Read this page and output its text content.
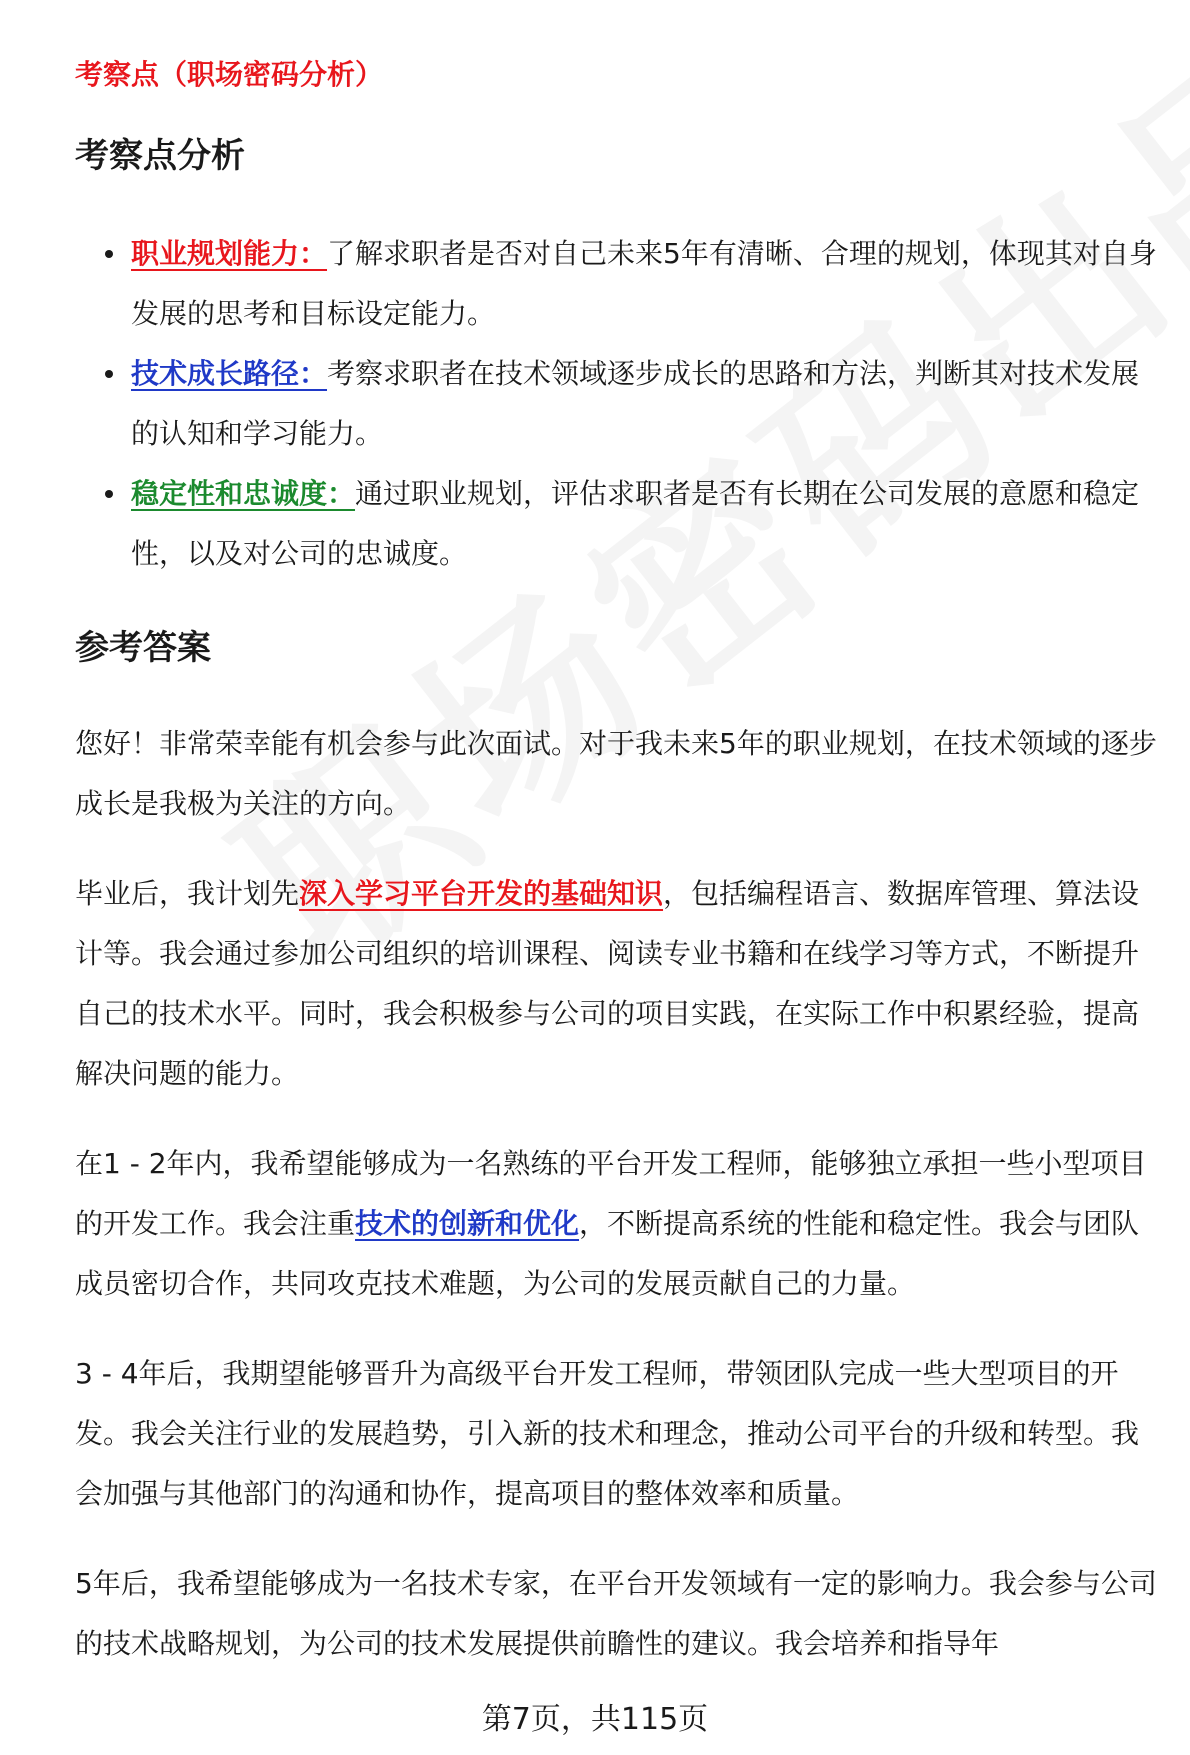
考察点（职场密码分析）
考察点分析
职业规划能力：了解求职者是否对自己未来5年有清晰、合理的规划，体现其对自身发展的思考和目标设定能力。
技术成长路径：考察求职者在技术领域逐步成长的思路和方法，判断其对技术发展的认知和学习能力。
稳定性和忠诚度：通过职业规划，评估求职者是否有长期在公司发展的意愿和稳定性，以及对公司的忠诚度。
参考答案

您好！非常荣幸能有机会参与此次面试。对于我未来5年的职业规划，在技术领域的逐步成长是我极为关注的方向。

毕业后，我计划先深入学习平台开发的基础知识，包括编程语言、数据库管理、算法设计等。我会通过参加公司组织的培训课程、阅读专业书籍和在线学习等方式，不断提升自己的技术水平。同时，我会积极参与公司的项目实践，在实际工作中积累经验，提高解决问题的能力。

在1 - 2年内，我希望能够成为一名熟练的平台开发工程师，能够独立承担一些小型项目的开发工作。我会注重技术的创新和优化，不断提高系统的性能和稳定性。我会与团队成员密切合作，共同攻克技术难题，为公司的发展贡献自己的力量。

3 - 4年后，我期望能够晋升为高级平台开发工程师，带领团队完成一些大型项目的开发。我会关注行业的发展趋势，引入新的技术和理念，推动公司平台的升级和转型。我会加强与其他部门的沟通和协作，提高项目的整体效率和质量。

5年后，我希望能够成为一名技术专家，在平台开发领域有一定的影响力。我会参与公司的技术战略规划，为公司的技术发展提供前瞻性的建议。我会培养和指导年

第7页，共115页
